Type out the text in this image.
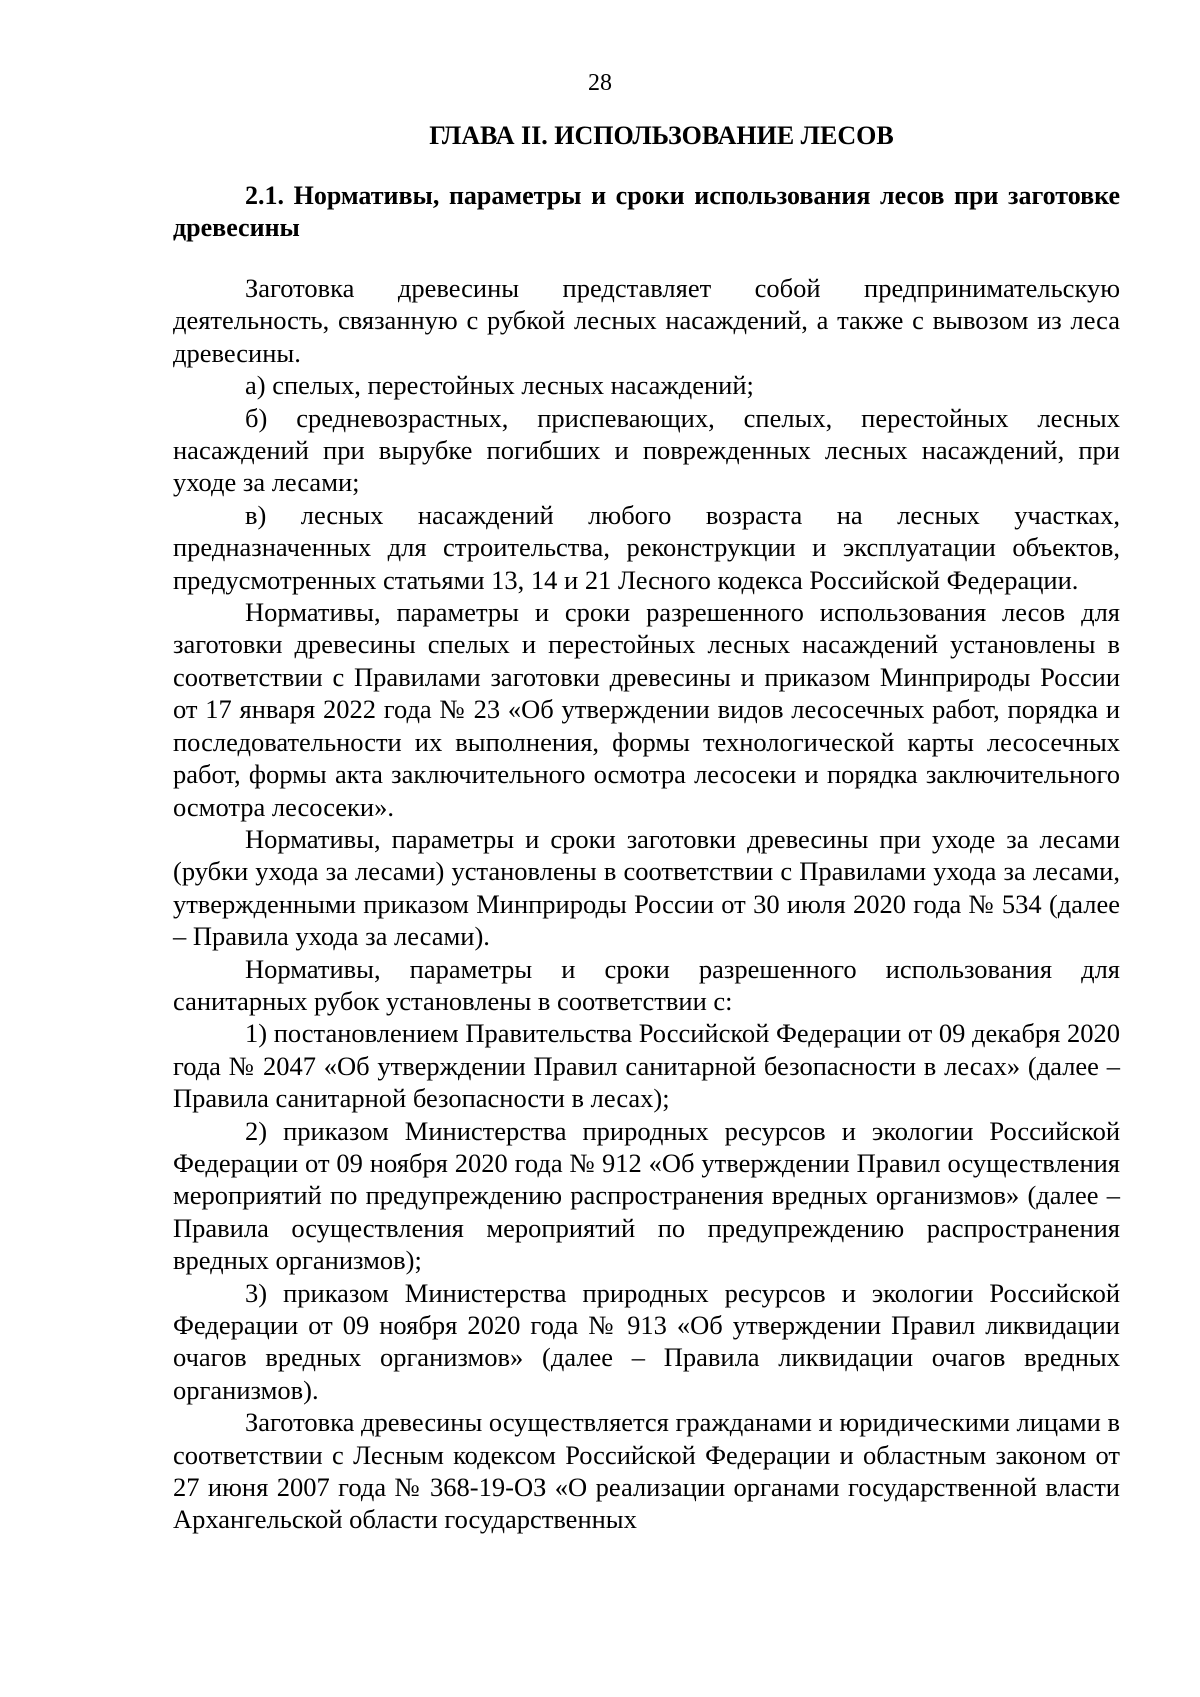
28
ГЛАВА II. ИСПОЛЬЗОВАНИЕ ЛЕСОВ
2.1. Нормативы, параметры и сроки использования лесов при заготовке древесины

Заготовка древесины представляет собой предпринимательскую деятельность, связанную с рубкой лесных насаждений, а также с вывозом из леса древесины.

а) спелых, перестойных лесных насаждений;

б) средневозрастных, приспевающих, спелых, перестойных лесных насаждений при вырубке погибших и поврежденных лесных насаждений, при уходе за лесами;

в) лесных насаждений любого возраста на лесных участках, предназначенных для строительства, реконструкции и эксплуатации объектов, предусмотренных статьями 13, 14 и 21 Лесного кодекса Российской Федерации.

Нормативы, параметры и сроки разрешенного использования лесов для заготовки древесины спелых и перестойных лесных насаждений установлены в соответствии с Правилами заготовки древесины и приказом Минприроды России от 17 января 2022 года № 23 «Об утверждении видов лесосечных работ, порядка и последовательности их выполнения, формы технологической карты лесосечных работ, формы акта заключительного осмотра лесосеки и порядка заключительного осмотра лесосеки».

Нормативы, параметры и сроки заготовки древесины при уходе за лесами (рубки ухода за лесами) установлены в соответствии с Правилами ухода за лесами, утвержденными приказом Минприроды России от 30 июля 2020 года № 534 (далее – Правила ухода за лесами).

Нормативы, параметры и сроки разрешенного использования для санитарных рубок установлены в соответствии с:

1) постановлением Правительства Российской Федерации от 09 декабря 2020 года № 2047 «Об утверждении Правил санитарной безопасности в лесах» (далее – Правила санитарной безопасности в лесах);

2) приказом Министерства природных ресурсов и экологии Российской Федерации от 09 ноября 2020 года № 912 «Об утверждении Правил осуществления мероприятий по предупреждению распространения вредных организмов» (далее – Правила осуществления мероприятий по предупреждению распространения вредных организмов);

3) приказом Министерства природных ресурсов и экологии Российской Федерации от 09 ноября 2020 года № 913 «Об утверждении Правил ликвидации очагов вредных организмов» (далее – Правила ликвидации очагов вредных организмов).

Заготовка древесины осуществляется гражданами и юридическими лицами в соответствии с Лесным кодексом Российской Федерации и областным законом от 27 июня 2007 года № 368-19-ОЗ «О реализации органами государственной власти Архангельской области государственных
